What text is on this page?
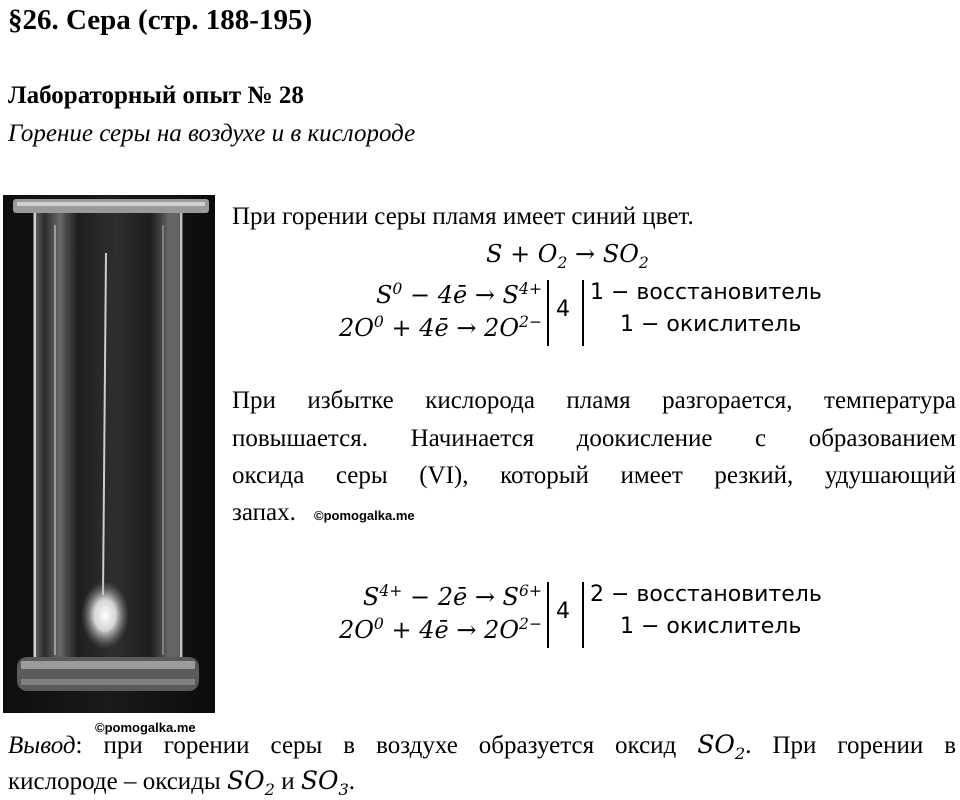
§26. Сера (стр. 188-195)
Лабораторный опыт № 28
Горение серы на воздухе и в кислороде
При горении серы пламя имеет синий цвет.
$S + O_2 \to SO_2$
$S^0$ − 4ē → $S^{4+}$
$2O^0$ + 4ē → $2O^{2-}$ 4
1 − восстановитель
1 − окислитель
При избытке кислорода пламя разгорается, температура
повышается. Начинается доокисление с образованием
оксида серы (VI), который имеет резкий, удушающий
запах. ©pomogalka.me
$S^{4+}$ − 2ē → $S^{6+}$
$2O^0$ + 4ē → $2O^{2-}$ 4
2 − восстановитель
1 − окислитель
©pomogalka.me
Вывод: при горении серы в воздухе образуется оксид $SO_2$. При горении в
кислороде – оксиды $SO_2$ и $SO_3$.
